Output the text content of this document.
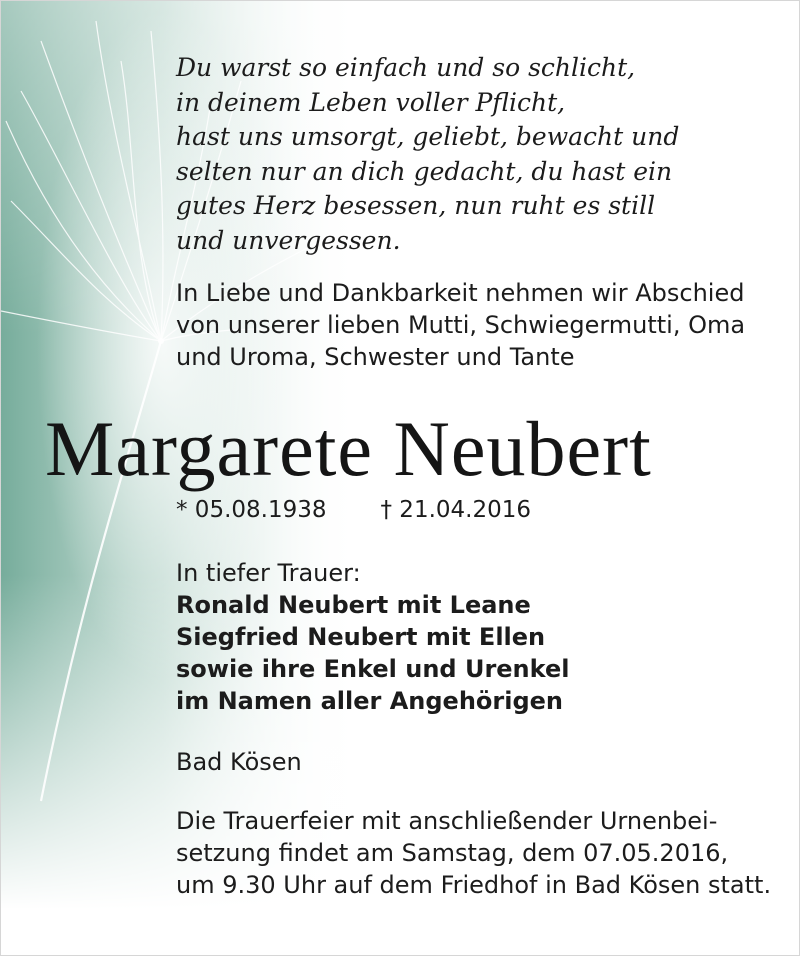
Du warst so einfach und so schlicht,
in deinem Leben voller Pflicht,
hast uns umsorgt, geliebt, bewacht und
selten nur an dich gedacht, du hast ein
gutes Herz besessen, nun ruht es still
und unvergessen.
In Liebe und Dankbarkeit nehmen wir Abschied
von unserer lieben Mutti, Schwiegermutti, Oma
und Uroma, Schwester und Tante
Margarete Neubert
* 05.08.1938 † 21.04.2016
In tiefer Trauer:
Ronald Neubert mit Leane
Siegfried Neubert mit Ellen
sowie ihre Enkel und Urenkel
im Namen aller Angehörigen
Bad Kösen
Die Trauerfeier mit anschließender Urnenbei-
setzung findet am Samstag, dem 07.05.2016,
um 9.30 Uhr auf dem Friedhof in Bad Kösen statt.
